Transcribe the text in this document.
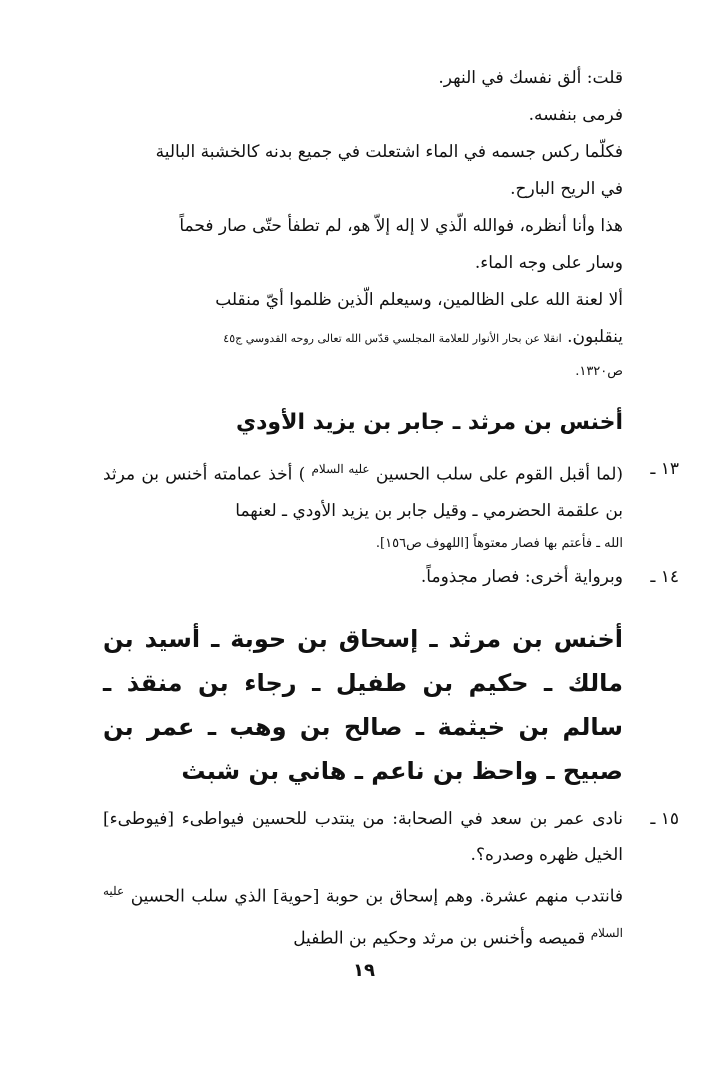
قلت: ألق نفسك في النهر.

فرمى بنفسه.

فكلّما ركس جسمه في الماء اشتعلت في جميع بدنه كالخشبة البالية

في الريح البارح.

هذا وأنا أنظره، فوالله الّذي لا إله إلاّ هو، لم تطفأ حتّى صار فحماً

وسار على وجه الماء.

ألا لعنة الله على الظالمين، وسيعلم الّذين ظلموا أيّ منقلب

ينقلبون. انقلا عن بحار الأنوار للعلامة المجلسي قدّس الله تعالى روحه القدوسي ج٤٥

ص١٣٢٠.

أخنس بن مرثد ـ جابر بن يزيد الأودي
١٣ ـ
(لما أقبل القوم على سلب الحسين $^{عليه السلام}$ ) أخذ عمامته أخنس بن مرثد بن علقمة الحضرمي ـ وقيل جابر بن يزيد الأودي ـ لعنهما
الله ـ فأعتم بها فصار معتوهاً [اللهوف ص١٥٦].
١٤ ـ
وبرواية أخرى: فصار مجذوماً.
أخنس بن مرثد ـ إسحاق بن حوبة ـ أسيد بن مالك ـ حكيم بن طفيل ـ رجاء بن منقذ ـ سالم بن خيثمة ـ صالح بن وهب ـ عمر بن صبيح ـ واحظ بن ناعم ـ هاني بن شبث
١٥ ـ
نادى عمر بن سعد في الصحابة: من ينتدب للحسين فيواطىء [فيوطىء] الخيل ظهره وصدره؟.

فانتدب منهم عشرة. وهم إسحاق بن حوبة [حوية] الذي سلب الحسين $^{عليه السلام}$ قميصه وأخنس بن مرثد وحكيم بن الطفيل

١٩
